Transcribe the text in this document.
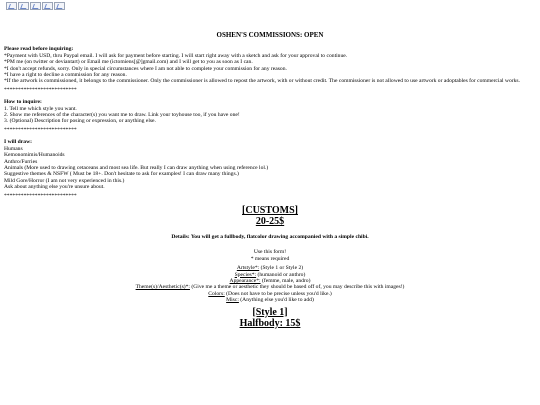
OSHEN'S COMMISSIONS: OPEN
Please read before inquiring:
*Payment with USD, thru Paypal email. I will ask for payment before starting. I will start right away with a sketch and ask for your approval to continue.
*PM me (on twitter or deviantart) or Email me (ictomiens[@]gmail.com) and I will get to you as soon as I can.
*I don't accept refunds, sorry. Only in special circumstances where I am not able to complete your commission for any reason.
*I have a right to decline a commission for any reason.
*If the artwork is commissioned, it belongs to the commissioner. Only the commissioner is allowed to repost the artwork, with or without credit. The commissioner is not allowed to use artwork or adoptables for commercial works.
**************************
How to inquire:
1. Tell me which style you want.
2. Show me references of the character(s) you want me to draw. Link your toyhouse too, if you have one!
3. (Optional) Description for posing or expression, or anything else.
**************************
I will draw:
Humans
Kemonomimis/Humanoids
Anthro/Furries
Animals (More used to drawing cetaceans and most sea life. But really I can draw anything when using reference lol.)
Suggestive themes & NSFW ( Must be 18+. Don't hesitate to ask for examples! I can draw many things.)
Mild Gore/Horror (I am not very experienced in this.)
Ask about anything else you're unsure about.
**************************
[CUSTOMS]
20-25$
Details: You will get a fullbody, flatcolor drawing accompanied with a simple chibi.
Use this form!
* means required
Artstyle*: (Style 1 or Style 2)
Species*: (humanoid or anthro)
Appearance*: (femme, male, andro)
Theme(s)/Aesthetic(s)*: (Give me a theme or aesthetic they should be based off of, you may describe this with images!)
Colors: (Does not have to be precise unless you'd like.)
Misc: (Anything else you'd like to add)
[Style 1]
Halfbody: 15$
